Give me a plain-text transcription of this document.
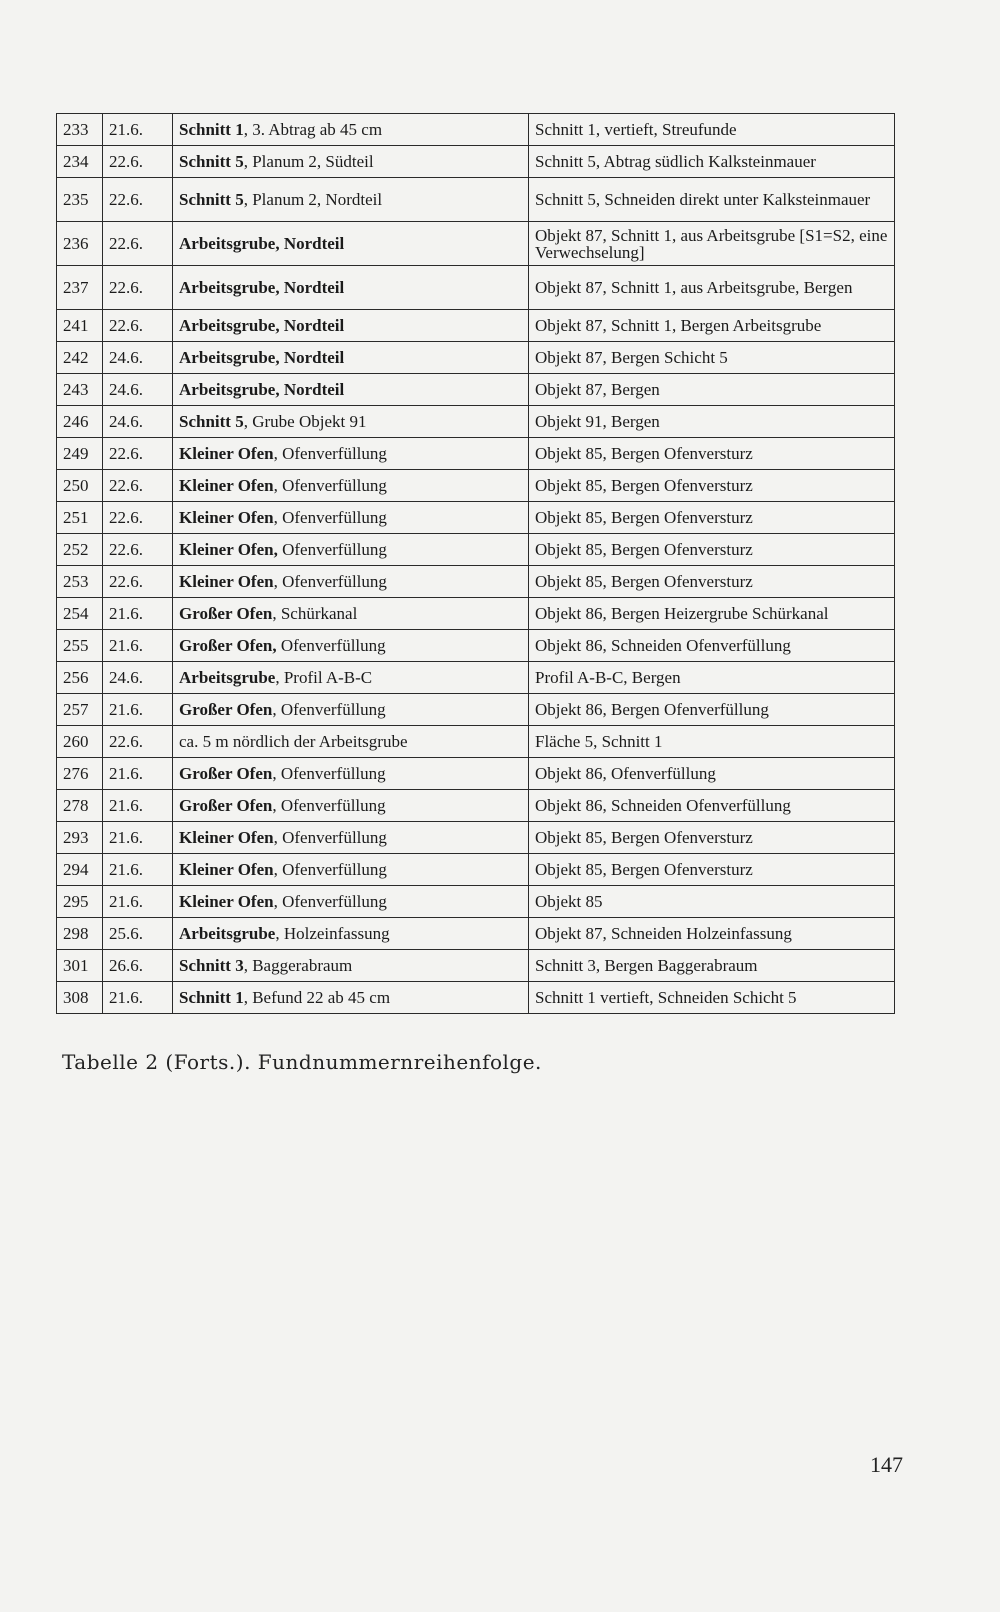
233	21.6.	Schnitt 1, 3. Abtrag ab 45 cm	Schnitt 1, vertieft, Streufunde
234	22.6.	Schnitt 5, Planum 2, Südteil	Schnitt 5, Abtrag südlich Kalksteinmauer
235	22.6.	Schnitt 5, Planum 2, Nordteil	Schnitt 5, Schneiden direkt unter Kalksteinmauer
236	22.6.	Arbeitsgrube, Nordteil	Objekt 87, Schnitt 1, aus Arbeitsgrube [S1=S2, eine Verwechselung]
237	22.6.	Arbeitsgrube, Nordteil	Objekt 87, Schnitt 1, aus Arbeitsgrube, Bergen
241	22.6.	Arbeitsgrube, Nordteil	Objekt 87, Schnitt 1, Bergen Arbeitsgrube
242	24.6.	Arbeitsgrube, Nordteil	Objekt 87, Bergen Schicht 5
243	24.6.	Arbeitsgrube, Nordteil	Objekt 87, Bergen
246	24.6.	Schnitt 5, Grube Objekt 91	Objekt 91, Bergen
249	22.6.	Kleiner Ofen, Ofenverfüllung	Objekt 85, Bergen Ofenversturz
250	22.6.	Kleiner Ofen, Ofenverfüllung	Objekt 85, Bergen Ofenversturz
251	22.6.	Kleiner Ofen, Ofenverfüllung	Objekt 85, Bergen Ofenversturz
252	22.6.	Kleiner Ofen, Ofenverfüllung	Objekt 85, Bergen Ofenversturz
253	22.6.	Kleiner Ofen, Ofenverfüllung	Objekt 85, Bergen Ofenversturz
254	21.6.	Großer Ofen, Schürkanal	Objekt 86, Bergen Heizergrube Schürkanal
255	21.6.	Großer Ofen, Ofenverfüllung	Objekt 86, Schneiden Ofenverfüllung
256	24.6.	Arbeitsgrube, Profil A-B-C	Profil A-B-C, Bergen
257	21.6.	Großer Ofen, Ofenverfüllung	Objekt 86, Bergen Ofenverfüllung
260	22.6.	ca. 5 m nördlich der Arbeitsgrube	Fläche 5, Schnitt 1
276	21.6.	Großer Ofen, Ofenverfüllung	Objekt 86, Ofenverfüllung
278	21.6.	Großer Ofen, Ofenverfüllung	Objekt 86, Schneiden Ofenverfüllung
293	21.6.	Kleiner Ofen, Ofenverfüllung	Objekt 85, Bergen Ofenversturz
294	21.6.	Kleiner Ofen, Ofenverfüllung	Objekt 85, Bergen Ofenversturz
295	21.6.	Kleiner Ofen, Ofenverfüllung	Objekt 85
298	25.6.	Arbeitsgrube, Holzeinfassung	Objekt 87, Schneiden Holzeinfassung
301	26.6.	Schnitt 3, Baggerabraum	Schnitt 3, Bergen Baggerabraum
308	21.6.	Schnitt 1, Befund 22 ab 45 cm	Schnitt 1 vertieft, Schneiden Schicht 5
Tabelle 2 (Forts.). Fundnummernreihenfolge.
147
